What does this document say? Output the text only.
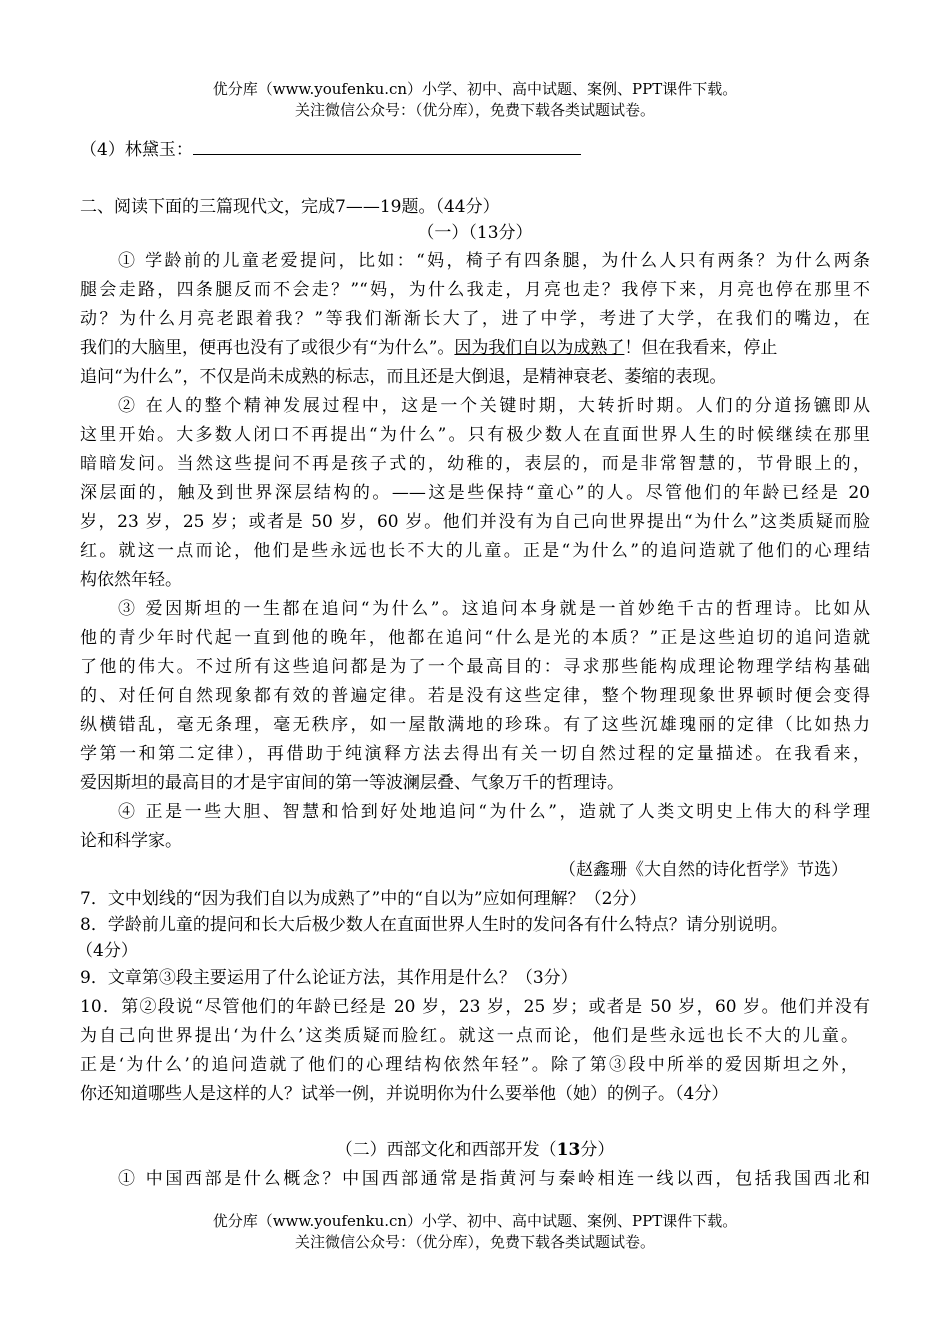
优分库（www.youfenku.cn）小学、初中、高中试题、案例、PPT课件下载。
关注微信公众号：（优分库），免费下载各类试题试卷。
（4）林黛玉：
二、阅读下面的三篇现代文，完成7——19题。（44分）
（一）（13分）
① 学龄前的儿童老爱提问，比如：“妈，椅子有四条腿，为什么人只有两条？为什么两条
腿会走路，四条腿反而不会走？”“妈，为什么我走，月亮也走？我停下来，月亮也停在那里不
动？为什么月亮老跟着我？”等我们渐渐长大了，进了中学，考进了大学，在我们的嘴边，在
我们的大脑里，便再也没有了或很少有“为什么”。因为我们自以为成熟了！但在我看来，停止
追问“为什么”，不仅是尚未成熟的标志，而且还是大倒退，是精神衰老、萎缩的表现。
② 在人的整个精神发展过程中，这是一个关键时期，大转折时期。人们的分道扬镳即从
这里开始。大多数人闭口不再提出“为什么”。只有极少数人在直面世界人生的时候继续在那里
暗暗发问。当然这些提问不再是孩子式的，幼稚的，表层的，而是非常智慧的，节骨眼上的，
深层面的，触及到世界深层结构的。——这是些保持“童心”的人。尽管他们的年龄已经是 20
岁，23 岁，25 岁；或者是 50 岁，60 岁。他们并没有为自己向世界提出“为什么”这类质疑而脸
红。就这一点而论，他们是些永远也长不大的儿童。正是“为什么”的追问造就了他们的心理结
构依然年轻。
③ 爱因斯坦的一生都在追问“为什么”。这追问本身就是一首妙绝千古的哲理诗。比如从
他的青少年时代起一直到他的晚年，他都在追问“什么是光的本质？”正是这些迫切的追问造就
了他的伟大。不过所有这些追问都是为了一个最高目的：寻求那些能构成理论物理学结构基础
的、对任何自然现象都有效的普遍定律。若是没有这些定律，整个物理现象世界顿时便会变得
纵横错乱，毫无条理，毫无秩序，如一屋散满地的珍珠。有了这些沉雄瑰丽的定律（比如热力
学第一和第二定律），再借助于纯演释方法去得出有关一切自然过程的定量描述。在我看来，
爱因斯坦的最高目的才是宇宙间的第一等波澜层叠、气象万千的哲理诗。
④ 正是一些大胆、智慧和恰到好处地追问“为什么”，造就了人类文明史上伟大的科学理
论和科学家。
（赵鑫珊《大自然的诗化哲学》节选）
7．文中划线的“因为我们自以为成熟了”中的“自以为”应如何理解？（2分）
8．学龄前儿童的提问和长大后极少数人在直面世界人生时的发问各有什么特点？请分别说明。
（4分）
9．文章第③段主要运用了什么论证方法，其作用是什么？（3分）
10．第②段说“尽管他们的年龄已经是 20 岁，23 岁，25 岁；或者是 50 岁，60 岁。他们并没有
为自己向世界提出‘为什么’这类质疑而脸红。就这一点而论，他们是些永远也长不大的儿童。
正是‘为什么’的追问造就了他们的心理结构依然年轻”。除了第③段中所举的爱因斯坦之外，
你还知道哪些人是这样的人？试举一例，并说明你为什么要举他（她）的例子。（4分）
（二）西部文化和西部开发（13分）
① 中国西部是什么概念？中国西部通常是指黄河与秦岭相连一线以西，包括我国西北和
优分库（www.youfenku.cn）小学、初中、高中试题、案例、PPT课件下载。
关注微信公众号：（优分库），免费下载各类试题试卷。
